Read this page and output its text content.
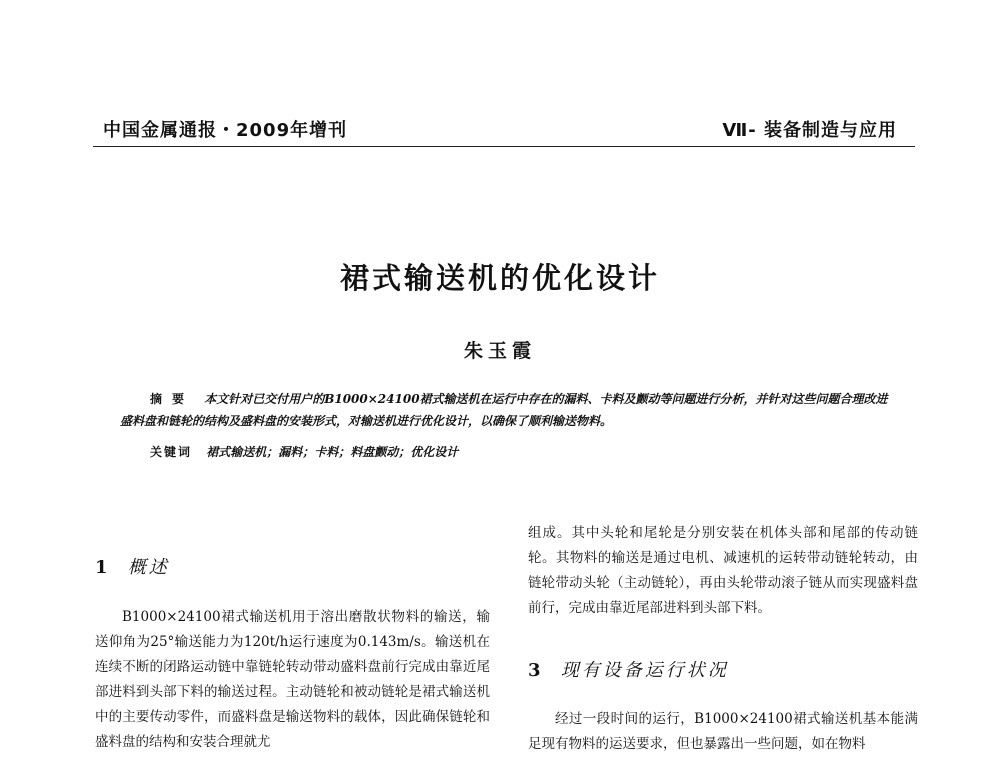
中国金属通报・2009年增刊	Ⅶ- 装备制造与应用
裙式输送机的优化设计
朱玉霞
摘要 本文针对已交付用户的B1000×24100裙式输送机在运行中存在的漏料、卡料及颤动等问题进行分析，并针对这些问题合理改进盛料盘和链轮的结构及盛料盘的安装形式，对输送机进行优化设计，以确保了顺利输送物料。
关键词 裙式输送机；漏料；卡料；料盘颤动；优化设计
1 概述

B1000×24100裙式输送机用于溶出磨散状物料的输送，输送仰角为25°输送能力为120t/h运行速度为0.143m/s。输送机在连续不断的闭路运动链中靠链轮转动带动盛料盘前行完成由靠近尾部进料到头部下料的输送过程。主动链轮和被动链轮是裙式输送机中的主要传动零件，而盛料盘是输送物料的载体，因此确保链轮和盛料盘的结构和安装合理就尤

组成。其中头轮和尾轮是分别安装在机体头部和尾部的传动链轮。其物料的输送是通过电机、减速机的运转带动链轮转动，由链轮带动头轮（主动链轮），再由头轮带动滚子链从而实现盛料盘前行，完成由靠近尾部进料到头部下料。

3 现有设备运行状况

经过一段时间的运行，B1000×24100裙式输送机基本能满足现有物料的运送要求，但也暴露出一些问题，如在物料
